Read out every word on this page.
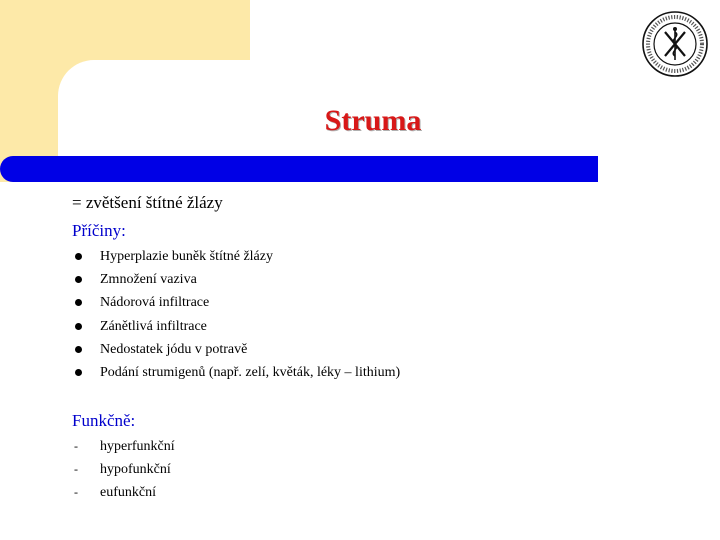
Struma
= zvětšení štítné žlázy
Příčiny:
Hyperplazie buněk štítné žlázy
Zmnožení vaziva
Nádorová infiltrace
Zánětlivá infiltrace
Nedostatek jódu v potravě
Podání strumigenů (např. zelí, květák, léky – lithium)
Funkčně:
- hyperfunkční
- hypofunkční
- eufunkční
